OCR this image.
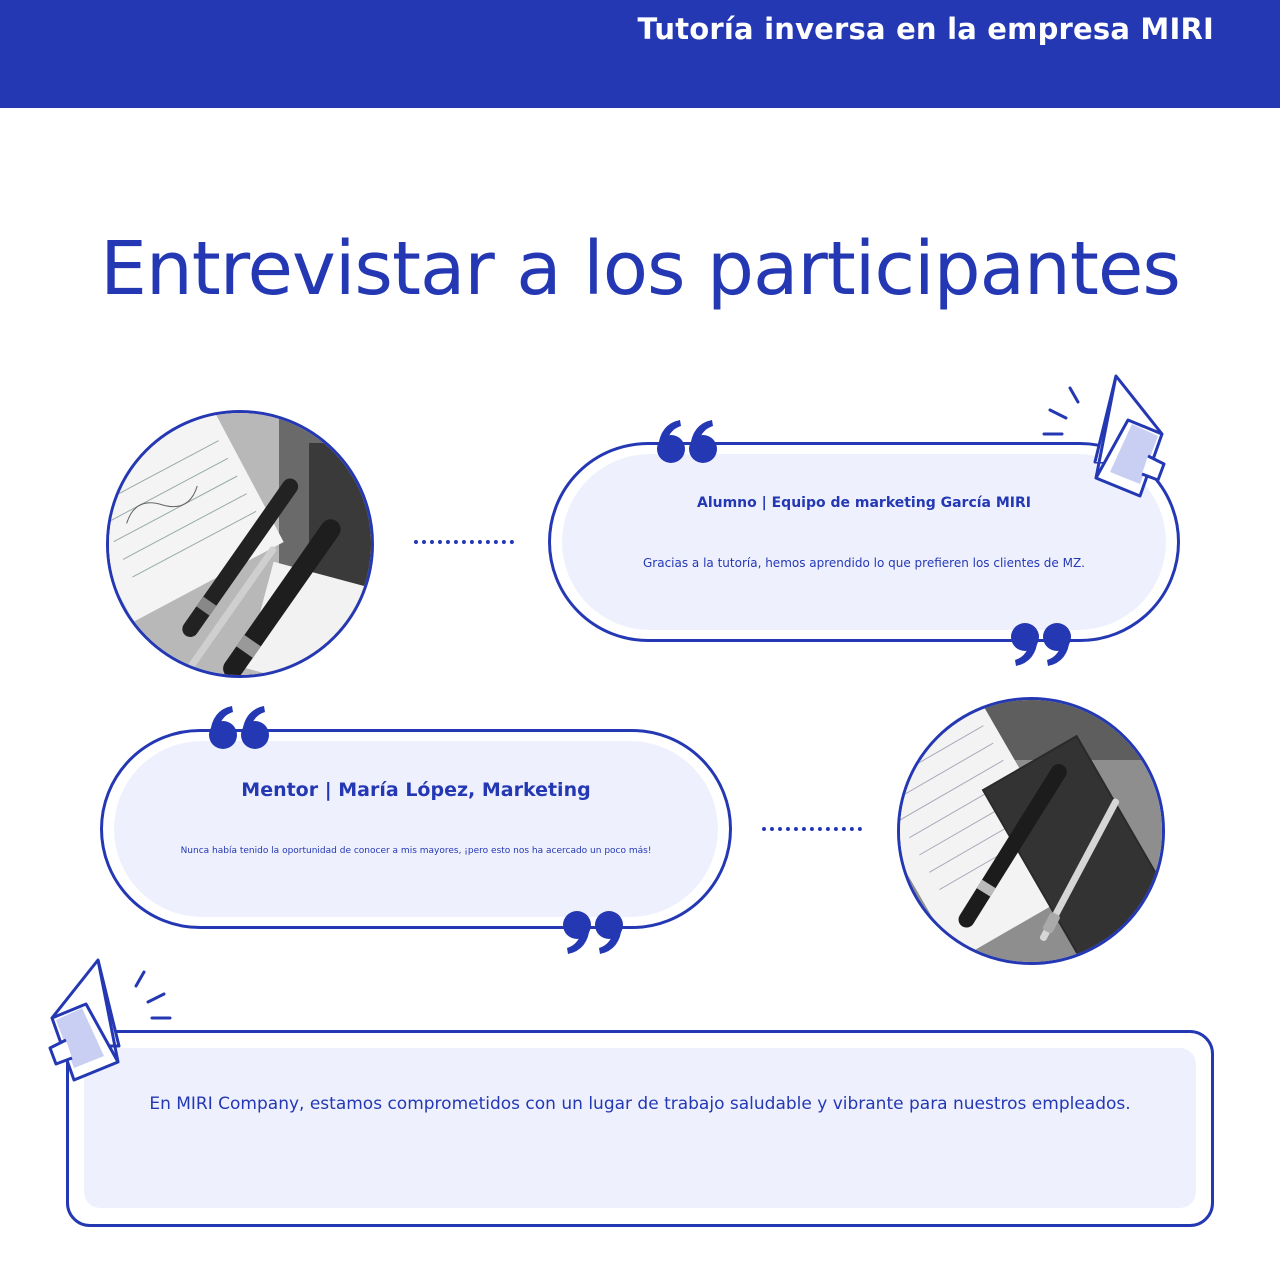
Tutoría inversa en la empresa MIRI
Entrevistar a los participantes
Alumno | Equipo de marketing García MIRI
Gracias a la tutoría, hemos aprendido lo que prefieren los clientes de MZ.
Mentor | María López, Marketing
Nunca había tenido la oportunidad de conocer a mis mayores, ¡pero esto nos ha acercado un poco más!
En MIRI Company, estamos comprometidos con un lugar de trabajo saludable y vibrante para nuestros empleados.
